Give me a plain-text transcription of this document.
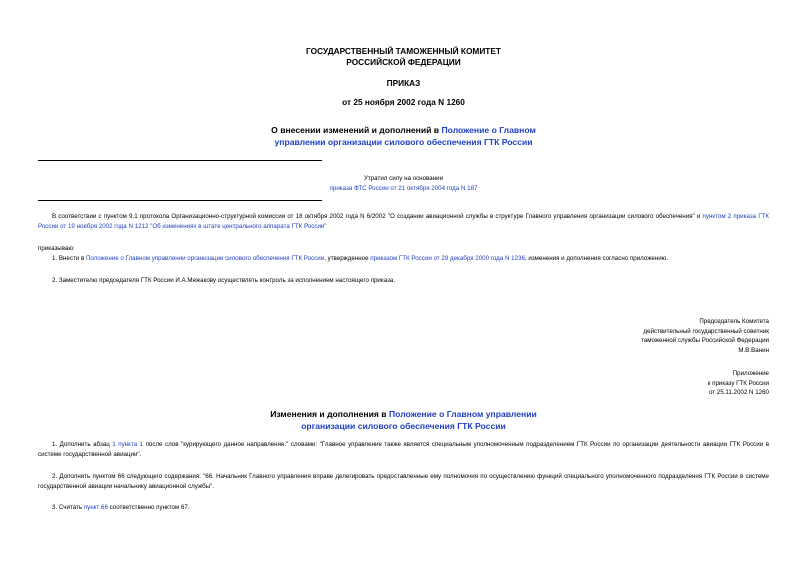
ГОСУДАРСТВЕННЫЙ ТАМОЖЕННЫЙ КОМИТЕТ
РОССИЙСКОЙ ФЕДЕРАЦИИ
ПРИКАЗ
от 25 ноября 2002 года N 1260
О внесении изменений и дополнений в Положение о Главном
управлении организации силового обеспечения ГТК России
Утратил силу на основании
приказа ФТС России от 21 октября 2004 года N 187
В соответствии с пунктом 9.1 протокола Организационно-структурной комиссии от 18 октября 2002 года N 6/2002 "О создании авиационной службы в структуре Главного управления организации силового обеспечения" и пунктом 2 приказа ГТК России от 19 ноября 2002 года N 1212 "Об изменениях в штате центрального аппарата ГТК России"
приказываю:
1. Внести в Положение о Главном управлении организации силового обеспечения ГТК России, утвержденное приказом ГТК России от 29 декабря 2000 года N 1236, изменения и дополнения согласно приложению.
2. Заместителю председателя ГТК России И.А.Межакову осуществлять контроль за исполнением настоящего приказа.
Председатель Комитета
действительный государственный советник
таможенной службы Российской Федерации
М.В.Ванин
Приложение
к приказу ГТК России
от 25.11.2002 N 1260
Изменения и дополнения в Положение о Главном управлении
организации силового обеспечения ГТК России
1. Дополнить абзац 1 пункта 1 после слов "курирующего данное направление." словами: "Главное управление также является специальным уполномоченным подразделением ГТК России по организации деятельности авиации ГТК России в системе государственной авиации".
2. Дополнить пунктом 66 следующего содержания: "66. Начальник Главного управления вправе делегировать предоставленные ему полномочия по осуществлению функций специального уполномоченного подразделения ГТК России в системе государственной авиации начальнику авиационной службы".
3. Считать пункт 66 соответственно пунктом 67.
